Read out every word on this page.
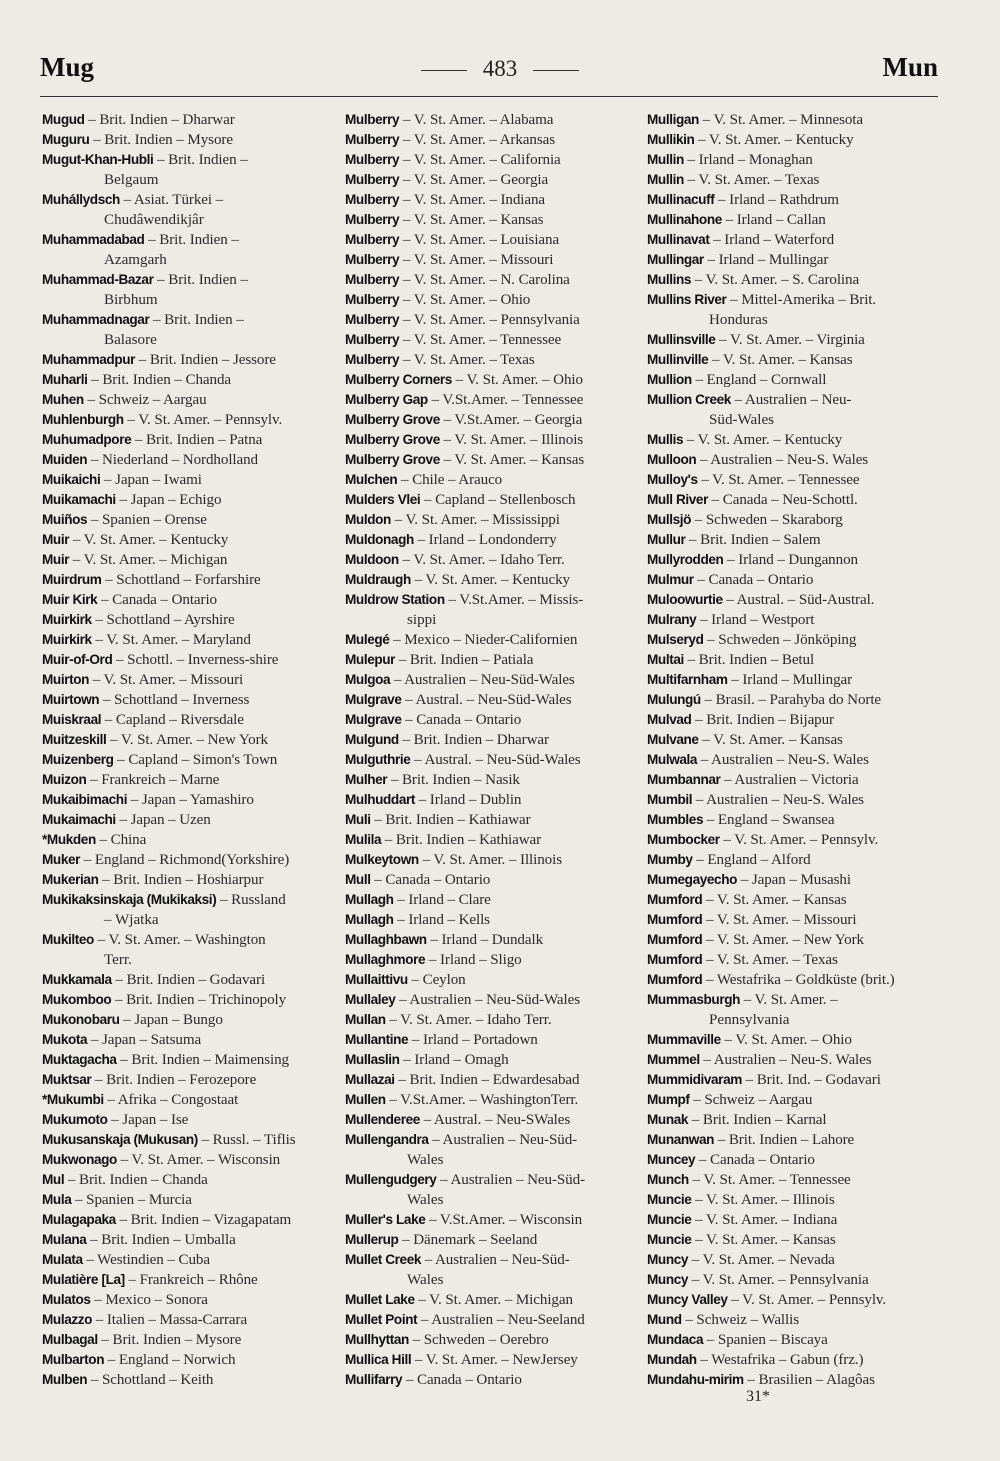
Mug	483	Mun
Mugud – Brit. Indien – Dharwar
Muguru – Brit. Indien – Mysore
Mugut-Khan-Hubli – Brit. Indien –
Belgaum
Muhállydsch – Asiat. Türkei –
Chudâwendikjâr
Muhammadabad – Brit. Indien –
Azamgarh
Muhammad-Bazar – Brit. Indien –
Birbhum
Muhammadnagar – Brit. Indien –
Balasore
Muhammadpur – Brit. Indien – Jessore
Muharli – Brit. Indien – Chanda
Muhen – Schweiz – Aargau
Muhlenburgh – V. St. Amer. – Pennsylv.
Muhumadpore – Brit. Indien – Patna
Muiden – Niederland – Nordholland
Muikaichi – Japan – Iwami
Muikamachi – Japan – Echigo
Muiños – Spanien – Orense
Muir – V. St. Amer. – Kentucky
Muir – V. St. Amer. – Michigan
Muirdrum – Schottland – Forfarshire
Muir Kirk – Canada – Ontario
Muirkirk – Schottland – Ayrshire
Muirkirk – V. St. Amer. – Maryland
Muir-of-Ord – Schottl. – Inverness-shire
Muirton – V. St. Amer. – Missouri
Muirtown – Schottland – Inverness
Muiskraal – Capland – Riversdale
Muitzeskill – V. St. Amer. – New York
Muizenberg – Capland – Simon's Town
Muizon – Frankreich – Marne
Mukaibimachi – Japan – Yamashiro
Mukaimachi – Japan – Uzen
*Mukden – China
Muker – England – Richmond(Yorkshire)
Mukerian – Brit. Indien – Hoshiarpur
Mukikaksinskaja (Mukikaksi) – Russland
– Wjatka
Mukilteo – V. St. Amer. – Washington
Terr.
Mukkamala – Brit. Indien – Godavari
Mukomboo – Brit. Indien – Trichinopoly
Mukonobaru – Japan – Bungo
Mukota – Japan – Satsuma
Muktagacha – Brit. Indien – Maimensing
Muktsar – Brit. Indien – Ferozepore
*Mukumbi – Afrika – Congostaat
Mukumoto – Japan – Ise
Mukusanskaja (Mukusan) – Russl. – Tiflis
Mukwonago – V. St. Amer. – Wisconsin
Mul – Brit. Indien – Chanda
Mula – Spanien – Murcia
Mulagapaka – Brit. Indien – Vizagapatam
Mulana – Brit. Indien – Umballa
Mulata – Westindien – Cuba
Mulatière [La] – Frankreich – Rhône
Mulatos – Mexico – Sonora
Mulazzo – Italien – Massa-Carrara
Mulbagal – Brit. Indien – Mysore
Mulbarton – England – Norwich
Mulben – Schottland – Keith
Mulberry – V. St. Amer. – Alabama
Mulberry – V. St. Amer. – Arkansas
Mulberry – V. St. Amer. – California
Mulberry – V. St. Amer. – Georgia
Mulberry – V. St. Amer. – Indiana
Mulberry – V. St. Amer. – Kansas
Mulberry – V. St. Amer. – Louisiana
Mulberry – V. St. Amer. – Missouri
Mulberry – V. St. Amer. – N. Carolina
Mulberry – V. St. Amer. – Ohio
Mulberry – V. St. Amer. – Pennsylvania
Mulberry – V. St. Amer. – Tennessee
Mulberry – V. St. Amer. – Texas
Mulberry Corners – V. St. Amer. – Ohio
Mulberry Gap – V.St.Amer. – Tennessee
Mulberry Grove – V.St.Amer. – Georgia
Mulberry Grove – V. St. Amer. – Illinois
Mulberry Grove – V. St. Amer. – Kansas
Mulchen – Chile – Arauco
Mulders Vlei – Capland – Stellenbosch
Muldon – V. St. Amer. – Mississippi
Muldonagh – Irland – Londonderry
Muldoon – V. St. Amer. – Idaho Terr.
Muldraugh – V. St. Amer. – Kentucky
Muldrow Station – V.St.Amer. – Missis-
sippi
Mulegé – Mexico – Nieder-Californien
Mulepur – Brit. Indien – Patiala
Mulgoa – Australien – Neu-Süd-Wales
Mulgrave – Austral. – Neu-Süd-Wales
Mulgrave – Canada – Ontario
Mulgund – Brit. Indien – Dharwar
Mulguthrie – Austral. – Neu-Süd-Wales
Mulher – Brit. Indien – Nasik
Mulhuddart – Irland – Dublin
Muli – Brit. Indien – Kathiawar
Mulila – Brit. Indien – Kathiawar
Mulkeytown – V. St. Amer. – Illinois
Mull – Canada – Ontario
Mullagh – Irland – Clare
Mullagh – Irland – Kells
Mullaghbawn – Irland – Dundalk
Mullaghmore – Irland – Sligo
Mullaittivu – Ceylon
Mullaley – Australien – Neu-Süd-Wales
Mullan – V. St. Amer. – Idaho Terr.
Mullantine – Irland – Portadown
Mullaslin – Irland – Omagh
Mullazai – Brit. Indien – Edwardesabad
Mullen – V.St.Amer. – WashingtonTerr.
Mullenderee – Austral. – Neu-SWales
Mullengandra – Australien – Neu-Süd-
Wales
Mullengudgery – Australien – Neu-Süd-
Wales
Muller's Lake – V.St.Amer. – Wisconsin
Mullerup – Dänemark – Seeland
Mullet Creek – Australien – Neu-Süd-
Wales
Mullet Lake – V. St. Amer. – Michigan
Mullet Point – Australien – Neu-Seeland
Mullhyttan – Schweden – Oerebro
Mullica Hill – V. St. Amer. – NewJersey
Mullifarry – Canada – Ontario
Mulligan – V. St. Amer. – Minnesota
Mullikin – V. St. Amer. – Kentucky
Mullin – Irland – Monaghan
Mullin – V. St. Amer. – Texas
Mullinacuff – Irland – Rathdrum
Mullinahone – Irland – Callan
Mullinavat – Irland – Waterford
Mullingar – Irland – Mullingar
Mullins – V. St. Amer. – S. Carolina
Mullins River – Mittel-Amerika – Brit.
Honduras
Mullinsville – V. St. Amer. – Virginia
Mullinville – V. St. Amer. – Kansas
Mullion – England – Cornwall
Mullion Creek – Australien – Neu-
Süd-Wales
Mullis – V. St. Amer. – Kentucky
Mulloon – Australien – Neu-S. Wales
Mulloy's – V. St. Amer. – Tennessee
Mull River – Canada – Neu-Schottl.
Mullsjö – Schweden – Skaraborg
Mullur – Brit. Indien – Salem
Mullyrodden – Irland – Dungannon
Mulmur – Canada – Ontario
Muloowurtie – Austral. – Süd-Austral.
Mulrany – Irland – Westport
Mulseryd – Schweden – Jönköping
Multai – Brit. Indien – Betul
Multifarnham – Irland – Mullingar
Mulungú – Brasil. – Parahyba do Norte
Mulvad – Brit. Indien – Bijapur
Mulvane – V. St. Amer. – Kansas
Mulwala – Australien – Neu-S. Wales
Mumbannar – Australien – Victoria
Mumbil – Australien – Neu-S. Wales
Mumbles – England – Swansea
Mumbocker – V. St. Amer. – Pennsylv.
Mumby – England – Alford
Mumegayecho – Japan – Musashi
Mumford – V. St. Amer. – Kansas
Mumford – V. St. Amer. – Missouri
Mumford – V. St. Amer. – New York
Mumford – V. St. Amer. – Texas
Mumford – Westafrika – Goldküste (brit.)
Mummasburgh – V. St. Amer. –
Pennsylvania
Mummaville – V. St. Amer. – Ohio
Mummel – Australien – Neu-S. Wales
Mummidivaram – Brit. Ind. – Godavari
Mumpf – Schweiz – Aargau
Munak – Brit. Indien – Karnal
Munanwan – Brit. Indien – Lahore
Muncey – Canada – Ontario
Munch – V. St. Amer. – Tennessee
Muncie – V. St. Amer. – Illinois
Muncie – V. St. Amer. – Indiana
Muncie – V. St. Amer. – Kansas
Muncy – V. St. Amer. – Nevada
Muncy – V. St. Amer. – Pennsylvania
Muncy Valley – V. St. Amer. – Pennsylv.
Mund – Schweiz – Wallis
Mundaca – Spanien – Biscaya
Mundah – Westafrika – Gabun (frz.)
Mundahu-mirim – Brasilien – Alagôas
31*
